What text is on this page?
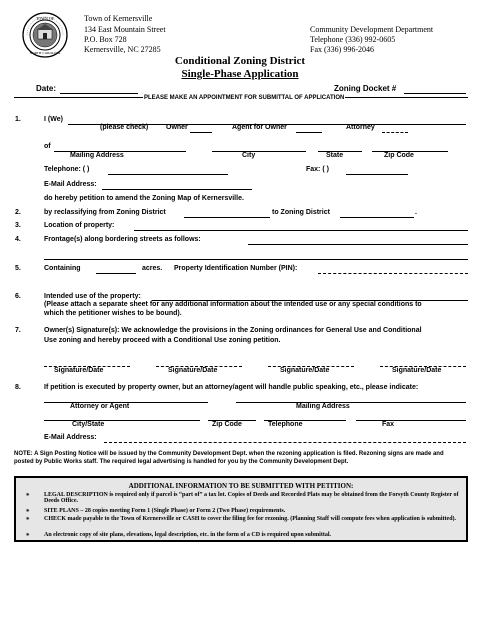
TOWN OF
NORTH CAROLINA
Town of Kernersville
134 East Mountain Street
P.O. Box 728
Kernersville, NC 27285
Community Development Department
Telephone (336) 992-0605
Fax (336) 996-2046
Conditional Zoning District
Single-Phase Application
Date:	Zoning Docket #
PLEASE MAKE AN APPOINTMENT FOR SUBMITTAL OF APPLICATION
1.	I (We)
(please check)	Owner	Agent for Owner	Attorney
of
Mailing Address	City	State	Zip Code
Telephone: ( )	Fax: ( )
E-Mail Address:
do hereby petition to amend the Zoning Map of Kernersville.
2.	by reclassifying from Zoning District	to Zoning District	.
3.	Location of property:
4.	Frontage(s) along bordering streets as follows:
5.	Containing	acres. Property Identification Number (PIN):
6.	Intended use of the property:
(Please attach a separate sheet for any additional information about the intended use or any special conditions to
which the petitioner wishes to be bound).
7.	Owner(s) Signature(s): We acknowledge the provisions in the Zoning ordinances for General Use and Conditional
Use zoning and hereby proceed with a Conditional Use zoning petition.
Signature/Date	Signature/Date	Signature/Date	Signature/Date
8.	If petition is executed by property owner, but an attorney/agent will handle public speaking, etc., please indicate:
Attorney or Agent	Mailing Address
City/State	Zip Code	Telephone	Fax
E-Mail Address:
NOTE: A Sign Posting Notice will be issued by the Community Development Dept. when the rezoning application is filed. Rezoning signs are made and
posted by Public Works staff. The required legal advertising is handled for you by the Community Development Dept.
ADDITIONAL INFORMATION TO BE SUBMITTED WITH PETITION:
* LEGAL DESCRIPTION is required only if parcel is “part of” a tax lot. Copies of Deeds and Recorded Plats may be obtained from the Forsyth County Register of Deeds Office.
* SITE PLANS – 28 copies meeting Form 1 (Single Phase) or Form 2 (Two Phase) requirements.
* CHECK made payable to the Town of Kernersville or CASH to cover the filing fee for rezoning. (Planning Staff will compute fees when application is submitted).
* An electronic copy of site plans, elevations, legal description, etc. in the form of a CD is required upon submittal.
